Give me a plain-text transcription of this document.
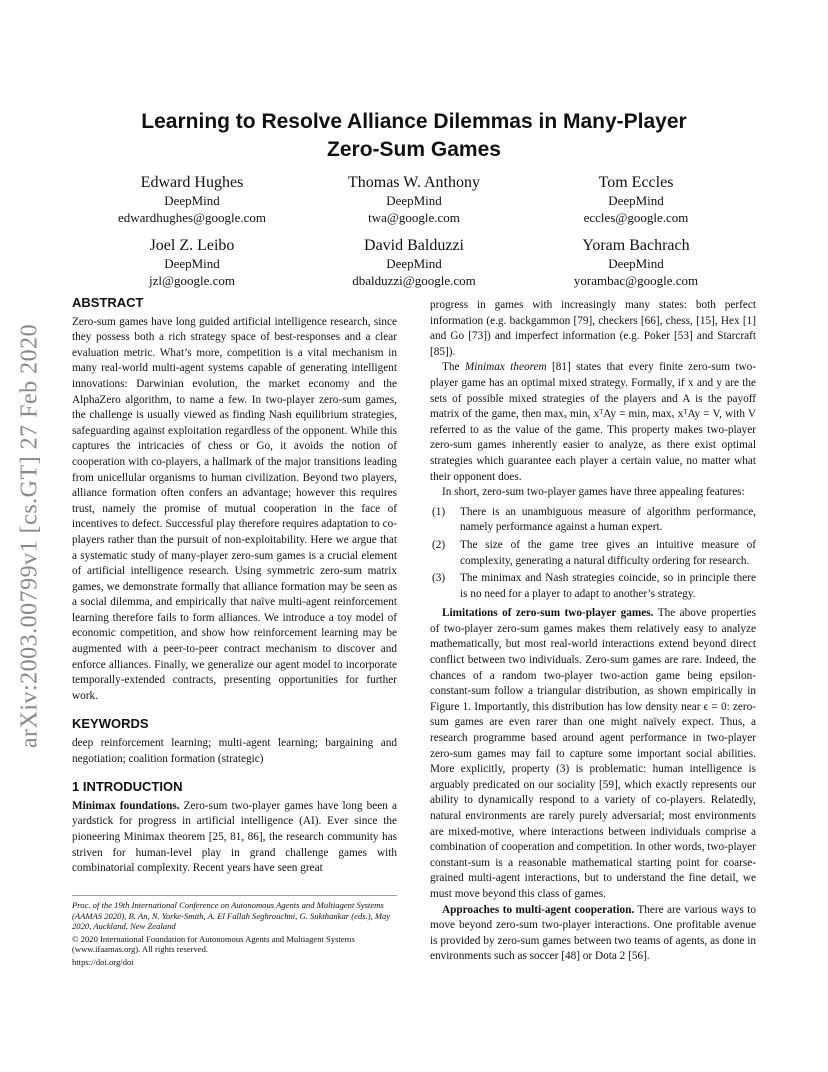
arXiv:2003.00799v1 [cs.GT] 27 Feb 2020
Learning to Resolve Alliance Dilemmas in Many-Player
Zero-Sum Games
Edward Hughes
DeepMind
edwardhughes@google.com
Thomas W. Anthony
DeepMind
twa@google.com
Tom Eccles
DeepMind
eccles@google.com
Joel Z. Leibo
DeepMind
jzl@google.com
David Balduzzi
DeepMind
dbalduzzi@google.com
Yoram Bachrach
DeepMind
yorambac@google.com
ABSTRACT

Zero-sum games have long guided artificial intelligence research, since they possess both a rich strategy space of best-responses and a clear evaluation metric. What’s more, competition is a vital mechanism in many real-world multi-agent systems capable of generating intelligent innovations: Darwinian evolution, the market economy and the AlphaZero algorithm, to name a few. In two-player zero-sum games, the challenge is usually viewed as finding Nash equilibrium strategies, safeguarding against exploitation regardless of the opponent. While this captures the intricacies of chess or Go, it avoids the notion of cooperation with co-players, a hallmark of the major transitions leading from unicellular organisms to human civilization. Beyond two players, alliance formation often confers an advantage; however this requires trust, namely the promise of mutual cooperation in the face of incentives to defect. Successful play therefore requires adaptation to co-players rather than the pursuit of non-exploitability. Here we argue that a systematic study of many-player zero-sum games is a crucial element of artificial intelligence research. Using symmetric zero-sum matrix games, we demonstrate formally that alliance formation may be seen as a social dilemma, and empirically that naïve multi-agent reinforcement learning therefore fails to form alliances. We introduce a toy model of economic competition, and show how reinforcement learning may be augmented with a peer-to-peer contract mechanism to discover and enforce alliances. Finally, we generalize our agent model to incorporate temporally-extended contracts, presenting opportunities for further work.

KEYWORDS

deep reinforcement learning; multi-agent learning; bargaining and negotiation; coalition formation (strategic)

1 INTRODUCTION

Minimax foundations. Zero-sum two-player games have long been a yardstick for progress in artificial intelligence (AI). Ever since the pioneering Minimax theorem [25, 81, 86], the research community has striven for human-level play in grand challenge games with combinatorial complexity. Recent years have seen great

Proc. of the 19th International Conference on Autonomous Agents and Multiagent Systems (AAMAS 2020), B. An, N. Yorke-Smith, A. El Fallah Seghrouchni, G. Sukthankar (eds.), May 2020, Auckland, New Zealand
© 2020 International Foundation for Autonomous Agents and Multiagent Systems (www.ifaamas.org). All rights reserved.
https://doi.org/doi

progress in games with increasingly many states: both perfect information (e.g. backgammon [79], checkers [66], chess, [15], Hex [1] and Go [73]) and imperfect information (e.g. Poker [53] and Starcraft [85]).

The Minimax theorem [81] states that every finite zero-sum two-player game has an optimal mixed strategy. Formally, if x and y are the sets of possible mixed strategies of the players and A is the payoff matrix of the game, then maxₓ minᵧ xᵀAy = minᵧ maxₓ xᵀAy = V, with V referred to as the value of the game. This property makes two-player zero-sum games inherently easier to analyze, as there exist optimal strategies which guarantee each player a certain value, no matter what their opponent does.

In short, zero-sum two-player games have three appealing features:

(1) There is an unambiguous measure of algorithm performance, namely performance against a human expert.
(2) The size of the game tree gives an intuitive measure of complexity, generating a natural difficulty ordering for research.
(3) The minimax and Nash strategies coincide, so in principle there is no need for a player to adapt to another’s strategy.

Limitations of zero-sum two-player games. The above properties of two-player zero-sum games makes them relatively easy to analyze mathematically, but most real-world interactions extend beyond direct conflict between two individuals. Zero-sum games are rare. Indeed, the chances of a random two-player two-action game being epsilon-constant-sum follow a triangular distribution, as shown empirically in Figure 1. Importantly, this distribution has low density near ϵ = 0: zero-sum games are even rarer than one might naïvely expect. Thus, a research programme based around agent performance in two-player zero-sum games may fail to capture some important social abilities. More explicitly, property (3) is problematic: human intelligence is arguably predicated on our sociality [59], which exactly represents our ability to dynamically respond to a variety of co-players. Relatedly, natural environments are rarely purely adversarial; most environments are mixed-motive, where interactions between individuals comprise a combination of cooperation and competition. In other words, two-player constant-sum is a reasonable mathematical starting point for coarse-grained multi-agent interactions, but to understand the fine detail, we must move beyond this class of games.

Approaches to multi-agent cooperation. There are various ways to move beyond zero-sum two-player interactions. One profitable avenue is provided by zero-sum games between two teams of agents, as done in environments such as soccer [48] or Dota 2 [56].
